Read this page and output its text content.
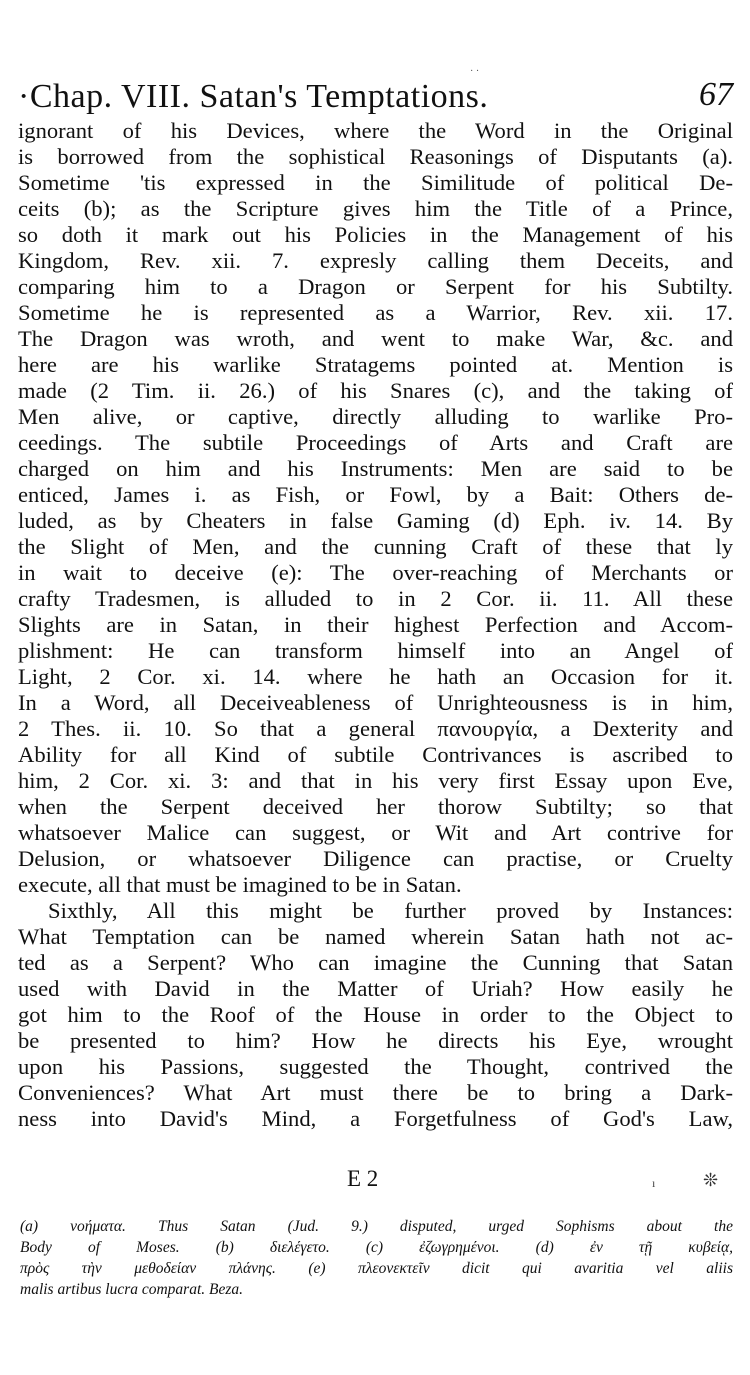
· ·
·Chap. VIII. Satan's Temptations.	67
ignorant of his Devices, where the Word in the Original
is borrowed from the sophistical Reasonings of Disputants (a).
Sometime 'tis expressed in the Similitude of political De-
ceits (b); as the Scripture gives him the Title of a Prince,
so doth it mark out his Policies in the Management of his
Kingdom, Rev. xii. 7. expresly calling them Deceits, and
comparing him to a Dragon or Serpent for his Subtilty.
Sometime he is represented as a Warrior, Rev. xii. 17.
The Dragon was wroth, and went to make War, &c. and
here are his warlike Stratagems pointed at. Mention is
made (2 Tim. ii. 26.) of his Snares (c), and the taking of
Men alive, or captive, directly alluding to warlike Pro-
ceedings. The subtile Proceedings of Arts and Craft are
charged on him and his Instruments: Men are said to be
enticed, James i. as Fish, or Fowl, by a Bait: Others de-
luded, as by Cheaters in false Gaming (d) Eph. iv. 14. By
the Slight of Men, and the cunning Craft of these that ly
in wait to deceive (e): The over-reaching of Merchants or
crafty Tradesmen, is alluded to in 2 Cor. ii. 11. All these
Slights are in Satan, in their highest Perfection and Accom-
plishment: He can transform himself into an Angel of
Light, 2 Cor. xi. 14. where he hath an Occasion for it.
In a Word, all Deceiveableness of Unrighteousness is in him,
2 Thes. ii. 10. So that a general πανουργία, a Dexterity and
Ability for all Kind of subtile Contrivances is ascribed to
him, 2 Cor. xi. 3: and that in his very first Essay upon Eve,
when the Serpent deceived her thorow Subtilty; so that
whatsoever Malice can suggest, or Wit and Art contrive for
Delusion, or whatsoever Diligence can practise, or Cruelty
execute, all that must be imagined to be in Satan.
Sixthly, All this might be further proved by Instances:
What Temptation can be named wherein Satan hath not ac-
ted as a Serpent? Who can imagine the Cunning that Satan
used with David in the Matter of Uriah? How easily he
got him to the Roof of the House in order to the Object to
be presented to him? How he directs his Eye, wrought
upon his Passions, suggested the Thought, contrived the
Conveniences? What Art must there be to bring a Dark-
ness into David's Mind, a Forgetfulness of God's Law,
E 2	ı	❊
(a) νοήματα. Thus Satan (Jud. 9.) disputed, urged Sophisms about the
Body of Moses. (b) διελέγετο. (c) ἐζωγρημένοι. (d) ἐν τῇ κυβείᾳ,
πρὸς τὴν μεθοδείαν πλάνης. (e) πλεονεκτεῖν dicit qui avaritia vel aliis
malis artibus lucra comparat. Beza.
